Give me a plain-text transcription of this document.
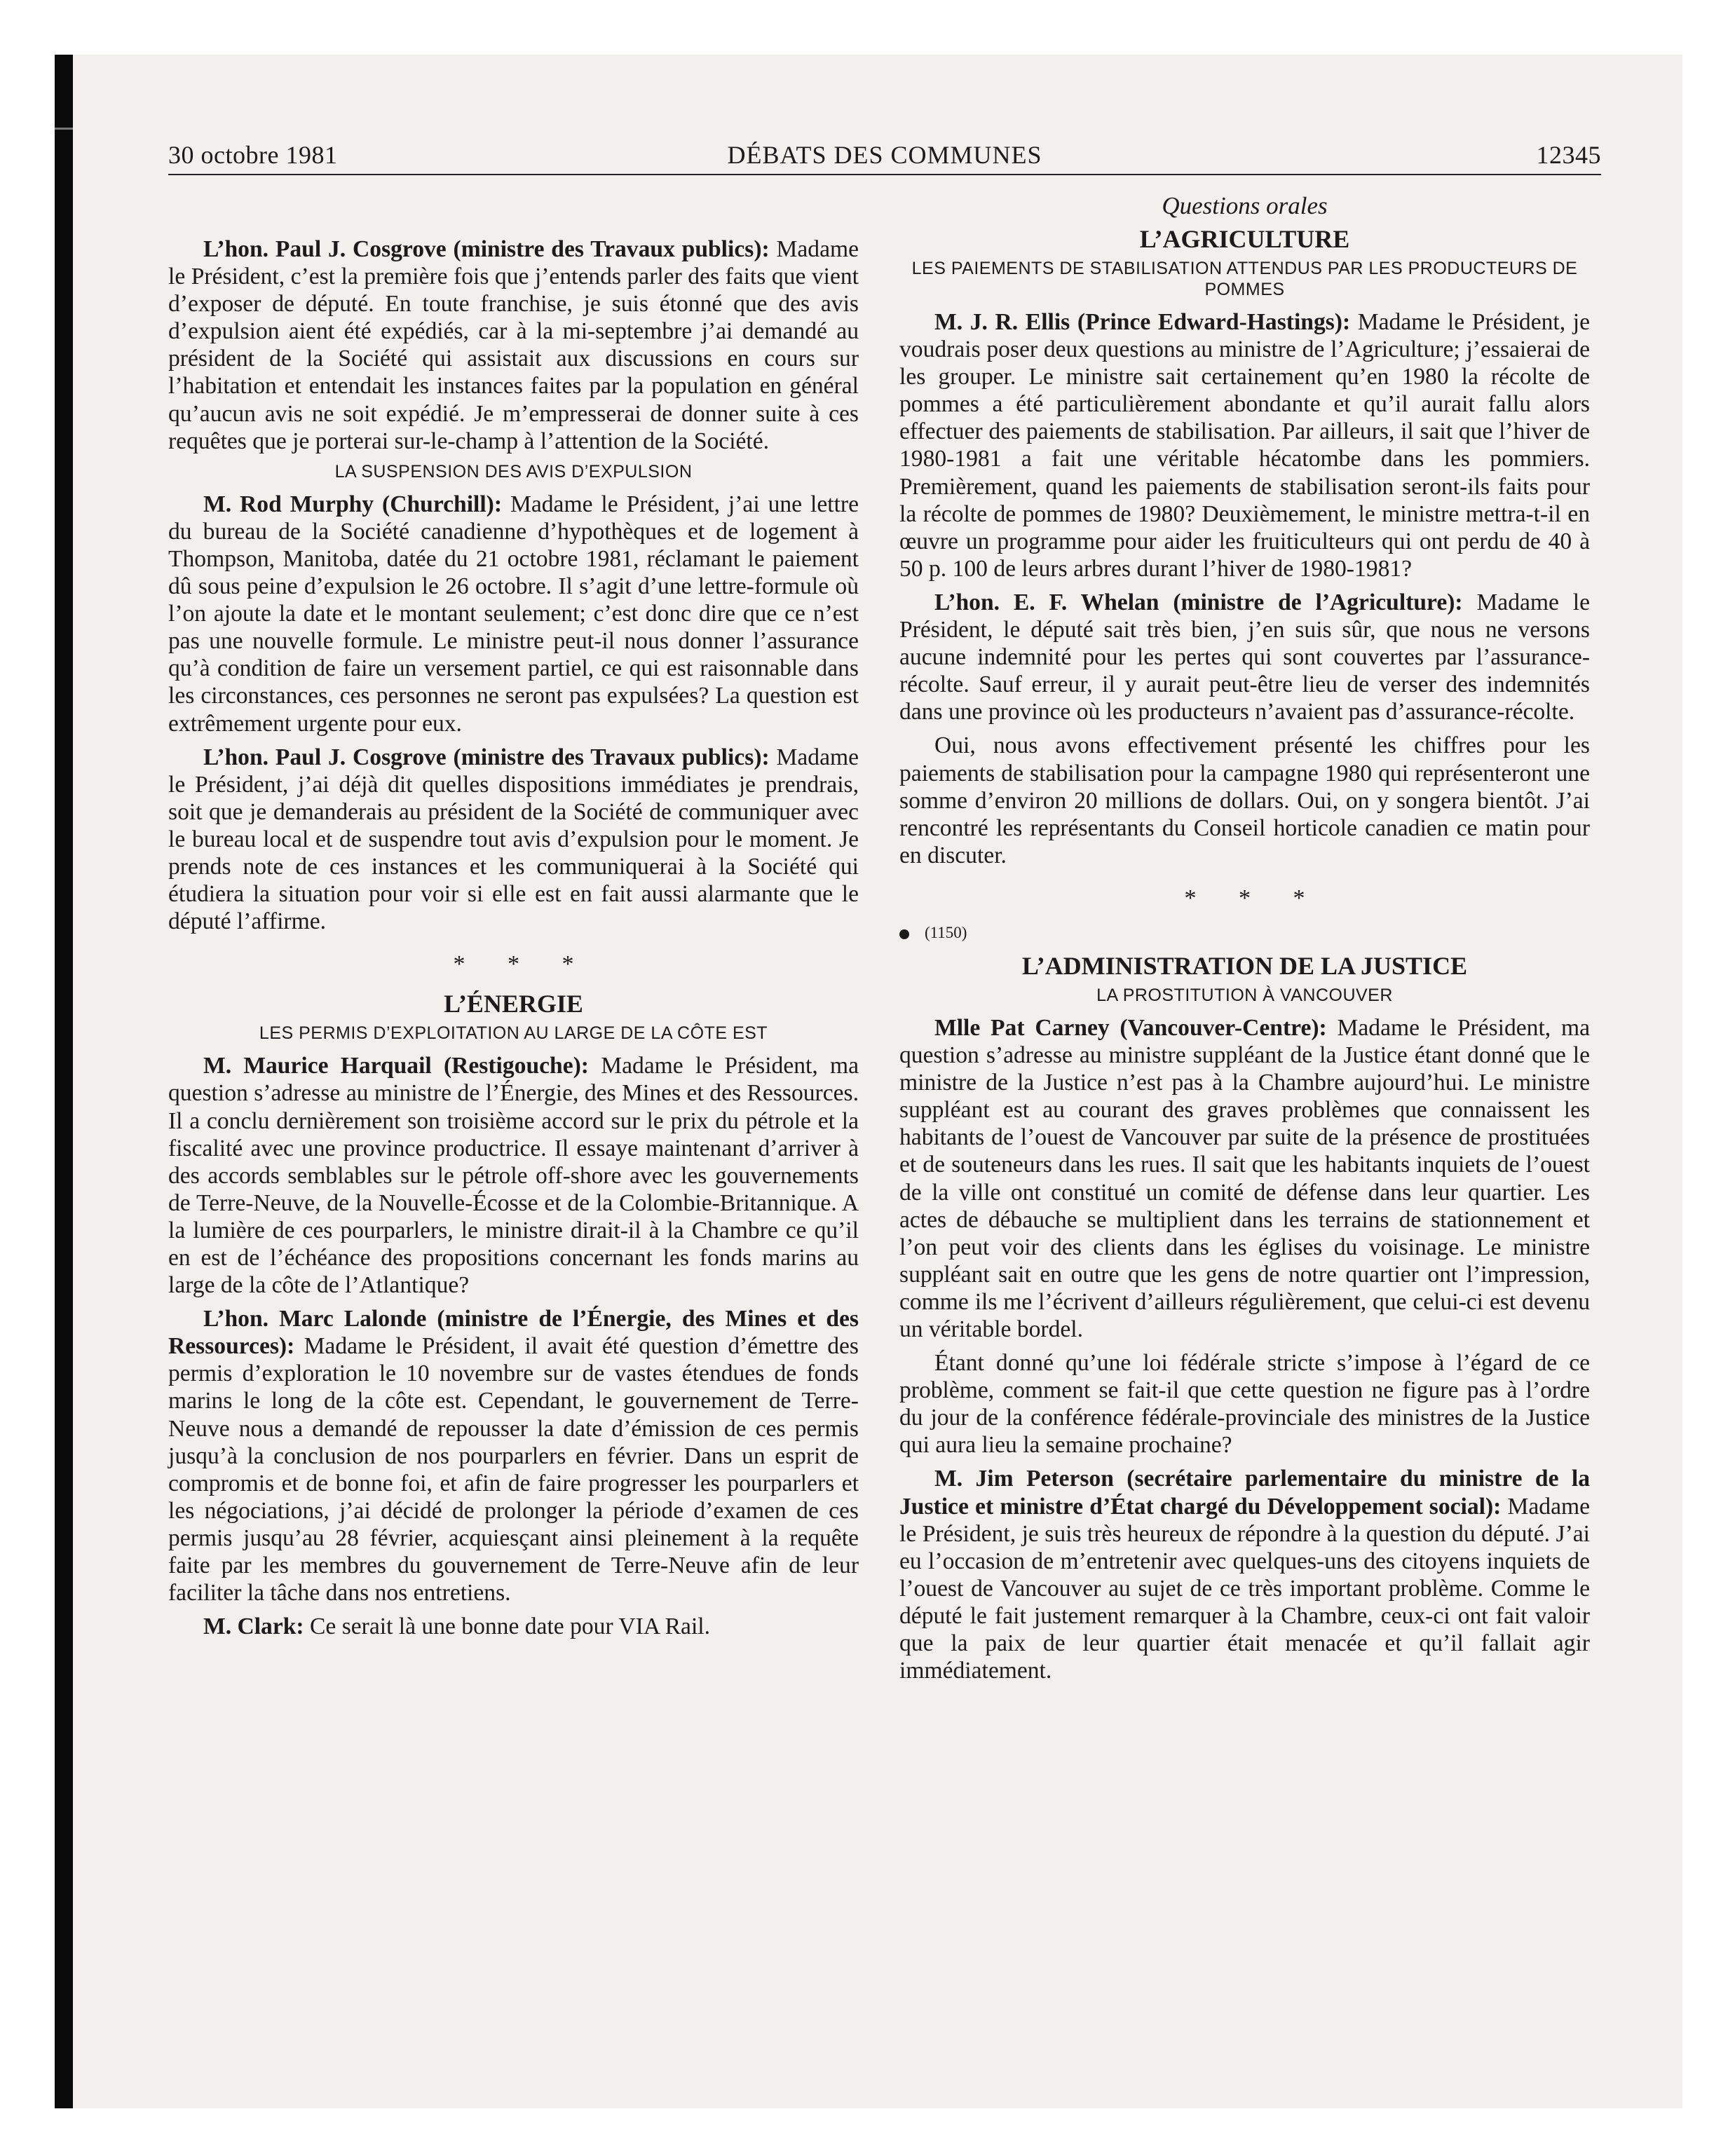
30 octobre 1981	DÉBATS DES COMMUNES	12345

L’hon. Paul J. Cosgrove (ministre des Travaux publics): Madame le Président, c’est la première fois que j’entends parler des faits que vient d’exposer de député. En toute franchise, je suis étonné que des avis d’expulsion aient été expédiés, car à la mi-septembre j’ai demandé au président de la Société qui assistait aux discussions en cours sur l’habitation et entendait les instances faites par la population en général qu’aucun avis ne soit expédié. Je m’empresserai de donner suite à ces requêtes que je porterai sur-le-champ à l’attention de la Société.

LA SUSPENSION DES AVIS D’EXPULSION

M. Rod Murphy (Churchill): Madame le Président, j’ai une lettre du bureau de la Société canadienne d’hypothèques et de logement à Thompson, Manitoba, datée du 21 octobre 1981, réclamant le paiement dû sous peine d’expulsion le 26 octobre. Il s’agit d’une lettre-formule où l’on ajoute la date et le montant seulement; c’est donc dire que ce n’est pas une nouvelle formule. Le ministre peut-il nous donner l’assurance qu’à condition de faire un versement partiel, ce qui est raisonnable dans les circonstances, ces personnes ne seront pas expulsées? La question est extrêmement urgente pour eux.

L’hon. Paul J. Cosgrove (ministre des Travaux publics): Madame le Président, j’ai déjà dit quelles dispositions immédiates je prendrais, soit que je demanderais au président de la Société de communiquer avec le bureau local et de suspendre tout avis d’expulsion pour le moment. Je prends note de ces instances et les communiquerai à la Société qui étudiera la situation pour voir si elle est en fait aussi alarmante que le député l’affirme.

* * *
L’ÉNERGIE
LES PERMIS D’EXPLOITATION AU LARGE DE LA CÔTE EST

M. Maurice Harquail (Restigouche): Madame le Président, ma question s’adresse au ministre de l’Énergie, des Mines et des Ressources. Il a conclu dernièrement son troisième accord sur le prix du pétrole et la fiscalité avec une province productrice. Il essaye maintenant d’arriver à des accords semblables sur le pétrole off-shore avec les gouvernements de Terre-Neuve, de la Nouvelle-Écosse et de la Colombie-Britannique. A la lumière de ces pourparlers, le ministre dirait-il à la Chambre ce qu’il en est de l’échéance des propositions concernant les fonds marins au large de la côte de l’Atlantique?

L’hon. Marc Lalonde (ministre de l’Énergie, des Mines et des Ressources): Madame le Président, il avait été question d’émettre des permis d’exploration le 10 novembre sur de vastes étendues de fonds marins le long de la côte est. Cependant, le gouvernement de Terre-Neuve nous a demandé de repousser la date d’émission de ces permis jusqu’à la conclusion de nos pourparlers en février. Dans un esprit de compromis et de bonne foi, et afin de faire progresser les pourparlers et les négociations, j’ai décidé de prolonger la période d’examen de ces permis jusqu’au 28 février, acquiesçant ainsi pleinement à la requête faite par les membres du gouvernement de Terre-Neuve afin de leur faciliter la tâche dans nos entretiens.

M. Clark: Ce serait là une bonne date pour VIA Rail.

Questions orales
L’AGRICULTURE
LES PAIEMENTS DE STABILISATION ATTENDUS PAR LES PRODUCTEURS DE POMMES

M. J. R. Ellis (Prince Edward-Hastings): Madame le Président, je voudrais poser deux questions au ministre de l’Agriculture; j’essaierai de les grouper. Le ministre sait certainement qu’en 1980 la récolte de pommes a été particulièrement abondante et qu’il aurait fallu alors effectuer des paiements de stabilisation. Par ailleurs, il sait que l’hiver de 1980-1981 a fait une véritable hécatombe dans les pommiers. Premièrement, quand les paiements de stabilisation seront-ils faits pour la récolte de pommes de 1980? Deuxièmement, le ministre mettra-t-il en œuvre un programme pour aider les fruiticulteurs qui ont perdu de 40 à 50 p. 100 de leurs arbres durant l’hiver de 1980-1981?

L’hon. E. F. Whelan (ministre de l’Agriculture): Madame le Président, le député sait très bien, j’en suis sûr, que nous ne versons aucune indemnité pour les pertes qui sont couvertes par l’assurance-récolte. Sauf erreur, il y aurait peut-être lieu de verser des indemnités dans une province où les producteurs n’avaient pas d’assurance-récolte.

Oui, nous avons effectivement présenté les chiffres pour les paiements de stabilisation pour la campagne 1980 qui représenteront une somme d’environ 20 millions de dollars. Oui, on y songera bientôt. J’ai rencontré les représentants du Conseil horticole canadien ce matin pour en discuter.

* * *
(1150)
L’ADMINISTRATION DE LA JUSTICE
LA PROSTITUTION À VANCOUVER

Mlle Pat Carney (Vancouver-Centre): Madame le Président, ma question s’adresse au ministre suppléant de la Justice étant donné que le ministre de la Justice n’est pas à la Chambre aujourd’hui. Le ministre suppléant est au courant des graves problèmes que connaissent les habitants de l’ouest de Vancouver par suite de la présence de prostituées et de souteneurs dans les rues. Il sait que les habitants inquiets de l’ouest de la ville ont constitué un comité de défense dans leur quartier. Les actes de débauche se multiplient dans les terrains de stationnement et l’on peut voir des clients dans les églises du voisinage. Le ministre suppléant sait en outre que les gens de notre quartier ont l’impression, comme ils me l’écrivent d’ailleurs régulièrement, que celui-ci est devenu un véritable bordel.

Étant donné qu’une loi fédérale stricte s’impose à l’égard de ce problème, comment se fait-il que cette question ne figure pas à l’ordre du jour de la conférence fédérale-provinciale des ministres de la Justice qui aura lieu la semaine prochaine?

M. Jim Peterson (secrétaire parlementaire du ministre de la Justice et ministre d’État chargé du Développement social): Madame le Président, je suis très heureux de répondre à la question du député. J’ai eu l’occasion de m’entretenir avec quelques-uns des citoyens inquiets de l’ouest de Vancouver au sujet de ce très important problème. Comme le député le fait justement remarquer à la Chambre, ceux-ci ont fait valoir que la paix de leur quartier était menacée et qu’il fallait agir immédiatement.
